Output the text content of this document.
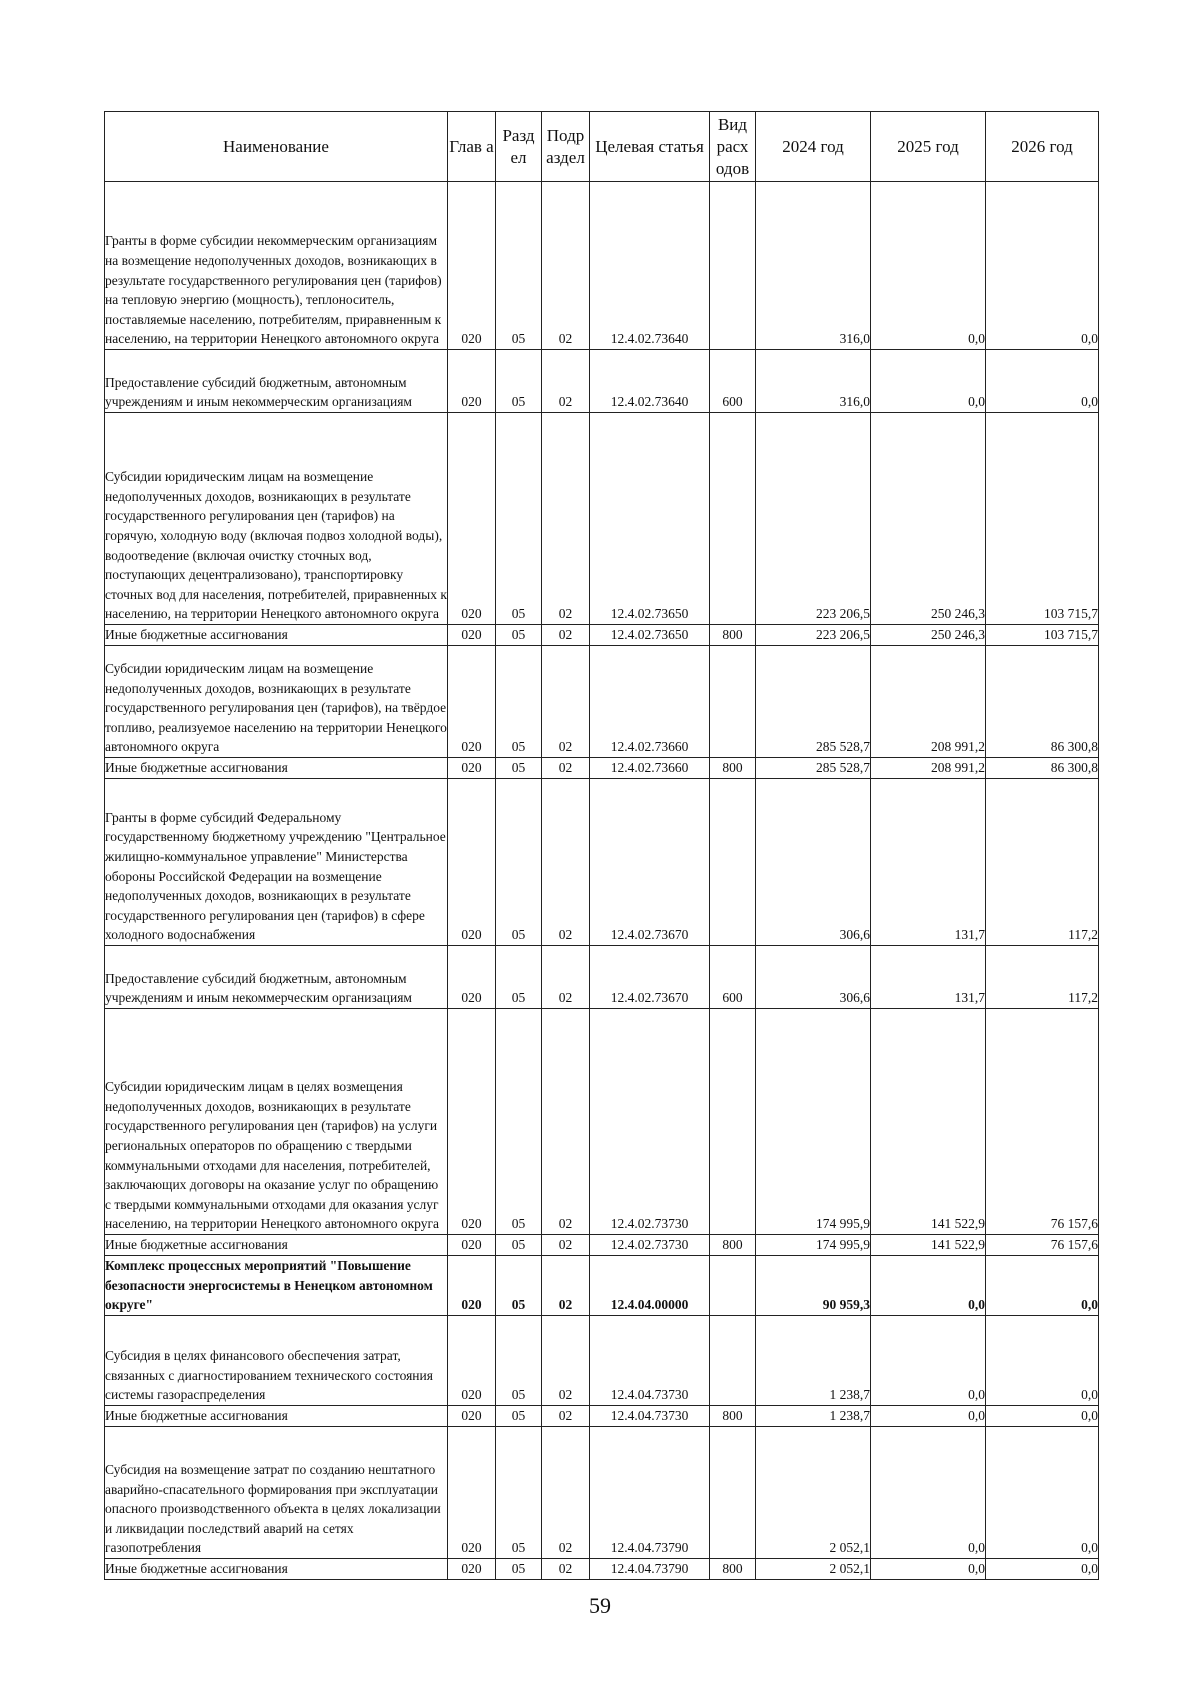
Наименование	Глав а	Разд ел	Подр аздел	Целевая статья	Вид расх одов	2024 год	2025 год	2026 год
Гранты в форме субсидии некоммерческим организациям на возмещение недополученных доходов, возникающих в результате государственного регулирования цен (тарифов) на тепловую энергию (мощность), теплоноситель, поставляемые населению, потребителям, приравненным к населению, на территории Ненецкого автономного округа	020	05	02	12.4.02.73640		316,0	0,0	0,0
Предоставление субсидий бюджетным, автономным учреждениям и иным некоммерческим организациям	020	05	02	12.4.02.73640	600	316,0	0,0	0,0
Субсидии юридическим лицам на возмещение недополученных доходов, возникающих в результате государственного регулирования цен (тарифов) на горячую, холодную воду (включая подвоз холодной воды), водоотведение (включая очистку сточных вод, поступающих децентрализовано), транспортировку сточных вод для населения, потребителей, приравненных к населению, на территории Ненецкого автономного округа	020	05	02	12.4.02.73650		223 206,5	250 246,3	103 715,7
Иные бюджетные ассигнования	020	05	02	12.4.02.73650	800	223 206,5	250 246,3	103 715,7
Субсидии юридическим лицам на возмещение недополученных доходов, возникающих в результате государственного регулирования цен (тарифов), на твёрдое топливо, реализуемое населению на территории Ненецкого автономного округа	020	05	02	12.4.02.73660		285 528,7	208 991,2	86 300,8
Иные бюджетные ассигнования	020	05	02	12.4.02.73660	800	285 528,7	208 991,2	86 300,8
Гранты в форме субсидий Федеральному государственному бюджетному учреждению "Центральное жилищно-коммунальное управление" Министерства обороны Российской Федерации на возмещение недополученных доходов, возникающих в результате государственного регулирования цен (тарифов) в сфере холодного водоснабжения	020	05	02	12.4.02.73670		306,6	131,7	117,2
Предоставление субсидий бюджетным, автономным учреждениям и иным некоммерческим организациям	020	05	02	12.4.02.73670	600	306,6	131,7	117,2
Субсидии юридическим лицам в целях возмещения недополученных доходов, возникающих в результате государственного регулирования цен (тарифов) на услуги региональных операторов по обращению с твердыми коммунальными отходами для населения, потребителей, заключающих договоры на оказание услуг по обращению с твердыми коммунальными отходами для оказания услуг населению, на территории Ненецкого автономного округа	020	05	02	12.4.02.73730		174 995,9	141 522,9	76 157,6
Иные бюджетные ассигнования	020	05	02	12.4.02.73730	800	174 995,9	141 522,9	76 157,6
Комплекс процессных мероприятий "Повышение безопасности энергосистемы в Ненецком автономном округе"	020	05	02	12.4.04.00000		90 959,3	0,0	0,0
Субсидия в целях финансового обеспечения затрат, связанных с диагностированием технического состояния системы газораспределения	020	05	02	12.4.04.73730		1 238,7	0,0	0,0
Иные бюджетные ассигнования	020	05	02	12.4.04.73730	800	1 238,7	0,0	0,0
Субсидия на возмещение затрат по созданию нештатного аварийно-спасательного формирования при эксплуатации опасного производственного объекта в целях локализации и ликвидации последствий аварий на сетях газопотребления	020	05	02	12.4.04.73790		2 052,1	0,0	0,0
Иные бюджетные ассигнования	020	05	02	12.4.04.73790	800	2 052,1	0,0	0,0
59
